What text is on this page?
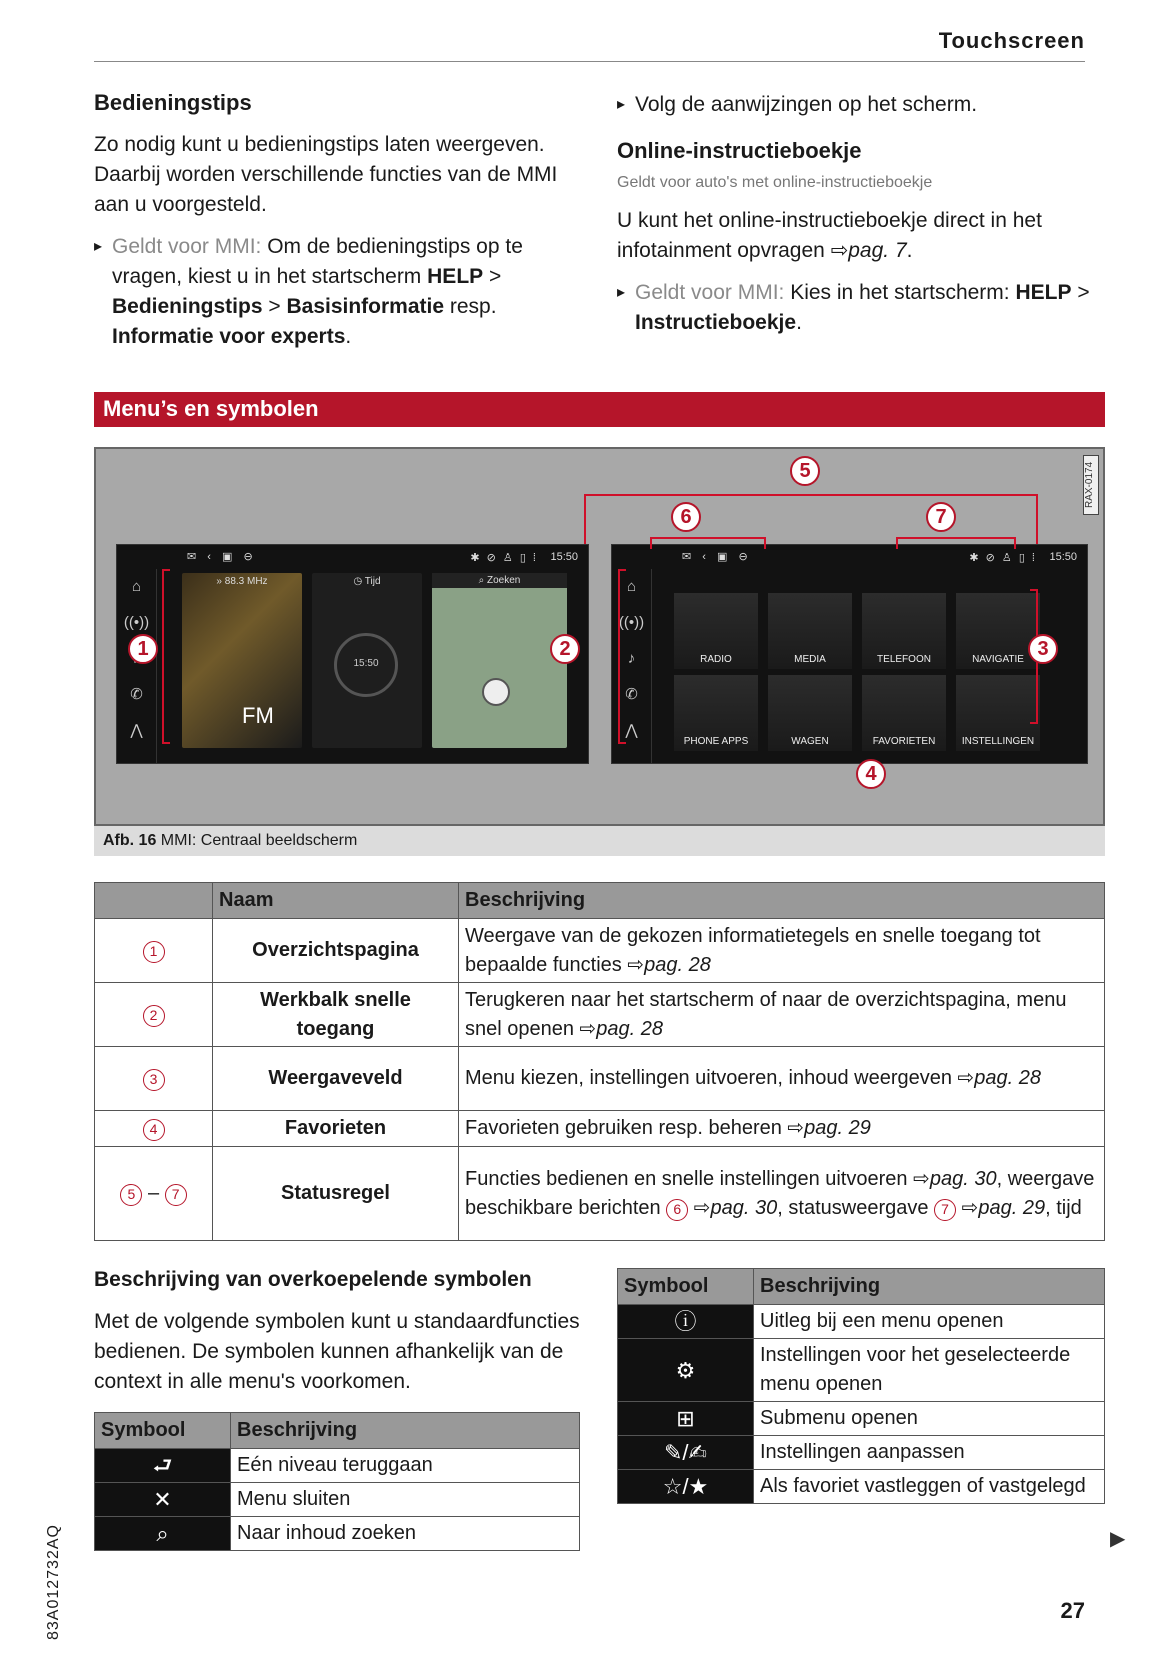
Touchscreen
Bedieningstips

Zo nodig kunt u bedieningstips laten weergeven. Daarbij worden verschillende functies van de MMI aan u voorgesteld.

▸ Geldt voor MMI: Om de bedieningstips op te vragen, kiest u in het startscherm HELP > Bedieningstips > Basisinformatie resp. Informatie voor experts.
▸ Volg de aanwijzingen op het scherm.
Online-instructieboekje
Geldt voor auto's met online-instructieboekje

U kunt het online-instructieboekje direct in het infotainment opvragen ⇨pag. 7.

▸ Geldt voor MMI: Kies in het startscherm: HELP > Instructieboekje.
Menu’s en symbolen
RAX-0174
✉ ‹ ▣ ⊖	✱ ⊘ ♙ ▯ ⁞ 15:50
⌂
((•))
✆
⋀
» 88.3 MHz
FM
◷ Tijd
15:50
⌕ Zoeken
✉ ‹ ▣ ⊖	✱ ⊘ ♙ ▯ ⁞ 15:50
⌂
((•))
♪
✆
⋀
RADIO	MEDIA	TELEFOON	NAVIGATIE
PHONE APPS	WAGEN	FAVORIETEN	INSTELLINGEN
1	2	3
4
5
6	7
Afb. 16 MMI: Centraal beeldscherm
	Naam	Beschrijving
1	Overzichtspagina	Weergave van de gekozen informatietegels en snelle toegang tot bepaalde functies ⇨pag. 28
2	Werkbalk snelle toegang	Terugkeren naar het startscherm of naar de overzichtspagina, menu snel openen ⇨pag. 28
3	Weergaveveld	Menu kiezen, instellingen uitvoeren, inhoud weergeven ⇨pag. 28
4	Favorieten	Favorieten gebruiken resp. beheren ⇨pag. 29
5 – 7	Statusregel	Functies bedienen en snelle instellingen uitvoeren ⇨pag. 30, weergave beschikbare berichten 6 ⇨pag. 30, statusweergave 7 ⇨pag. 29, tijd
Beschrijving van overkoepelende symbolen
Met de volgende symbolen kunt u standaardfuncties bedienen. De symbolen kunnen afhankelijk van de context in alle menu's voorkomen.
Symbool	Beschrijving
⮐	Eén niveau teruggaan
✕	Menu sluiten
⌕	Naar inhoud zoeken
Symbool	Beschrijving
ⓘ	Uitleg bij een menu openen
⚙	Instellingen voor het geselecteerde menu openen
⊞	Submenu openen
✎/✍	Instellingen aanpassen
☆/★	Als favoriet vastleggen of vastgelegd
83A012732AQ	▶
27
